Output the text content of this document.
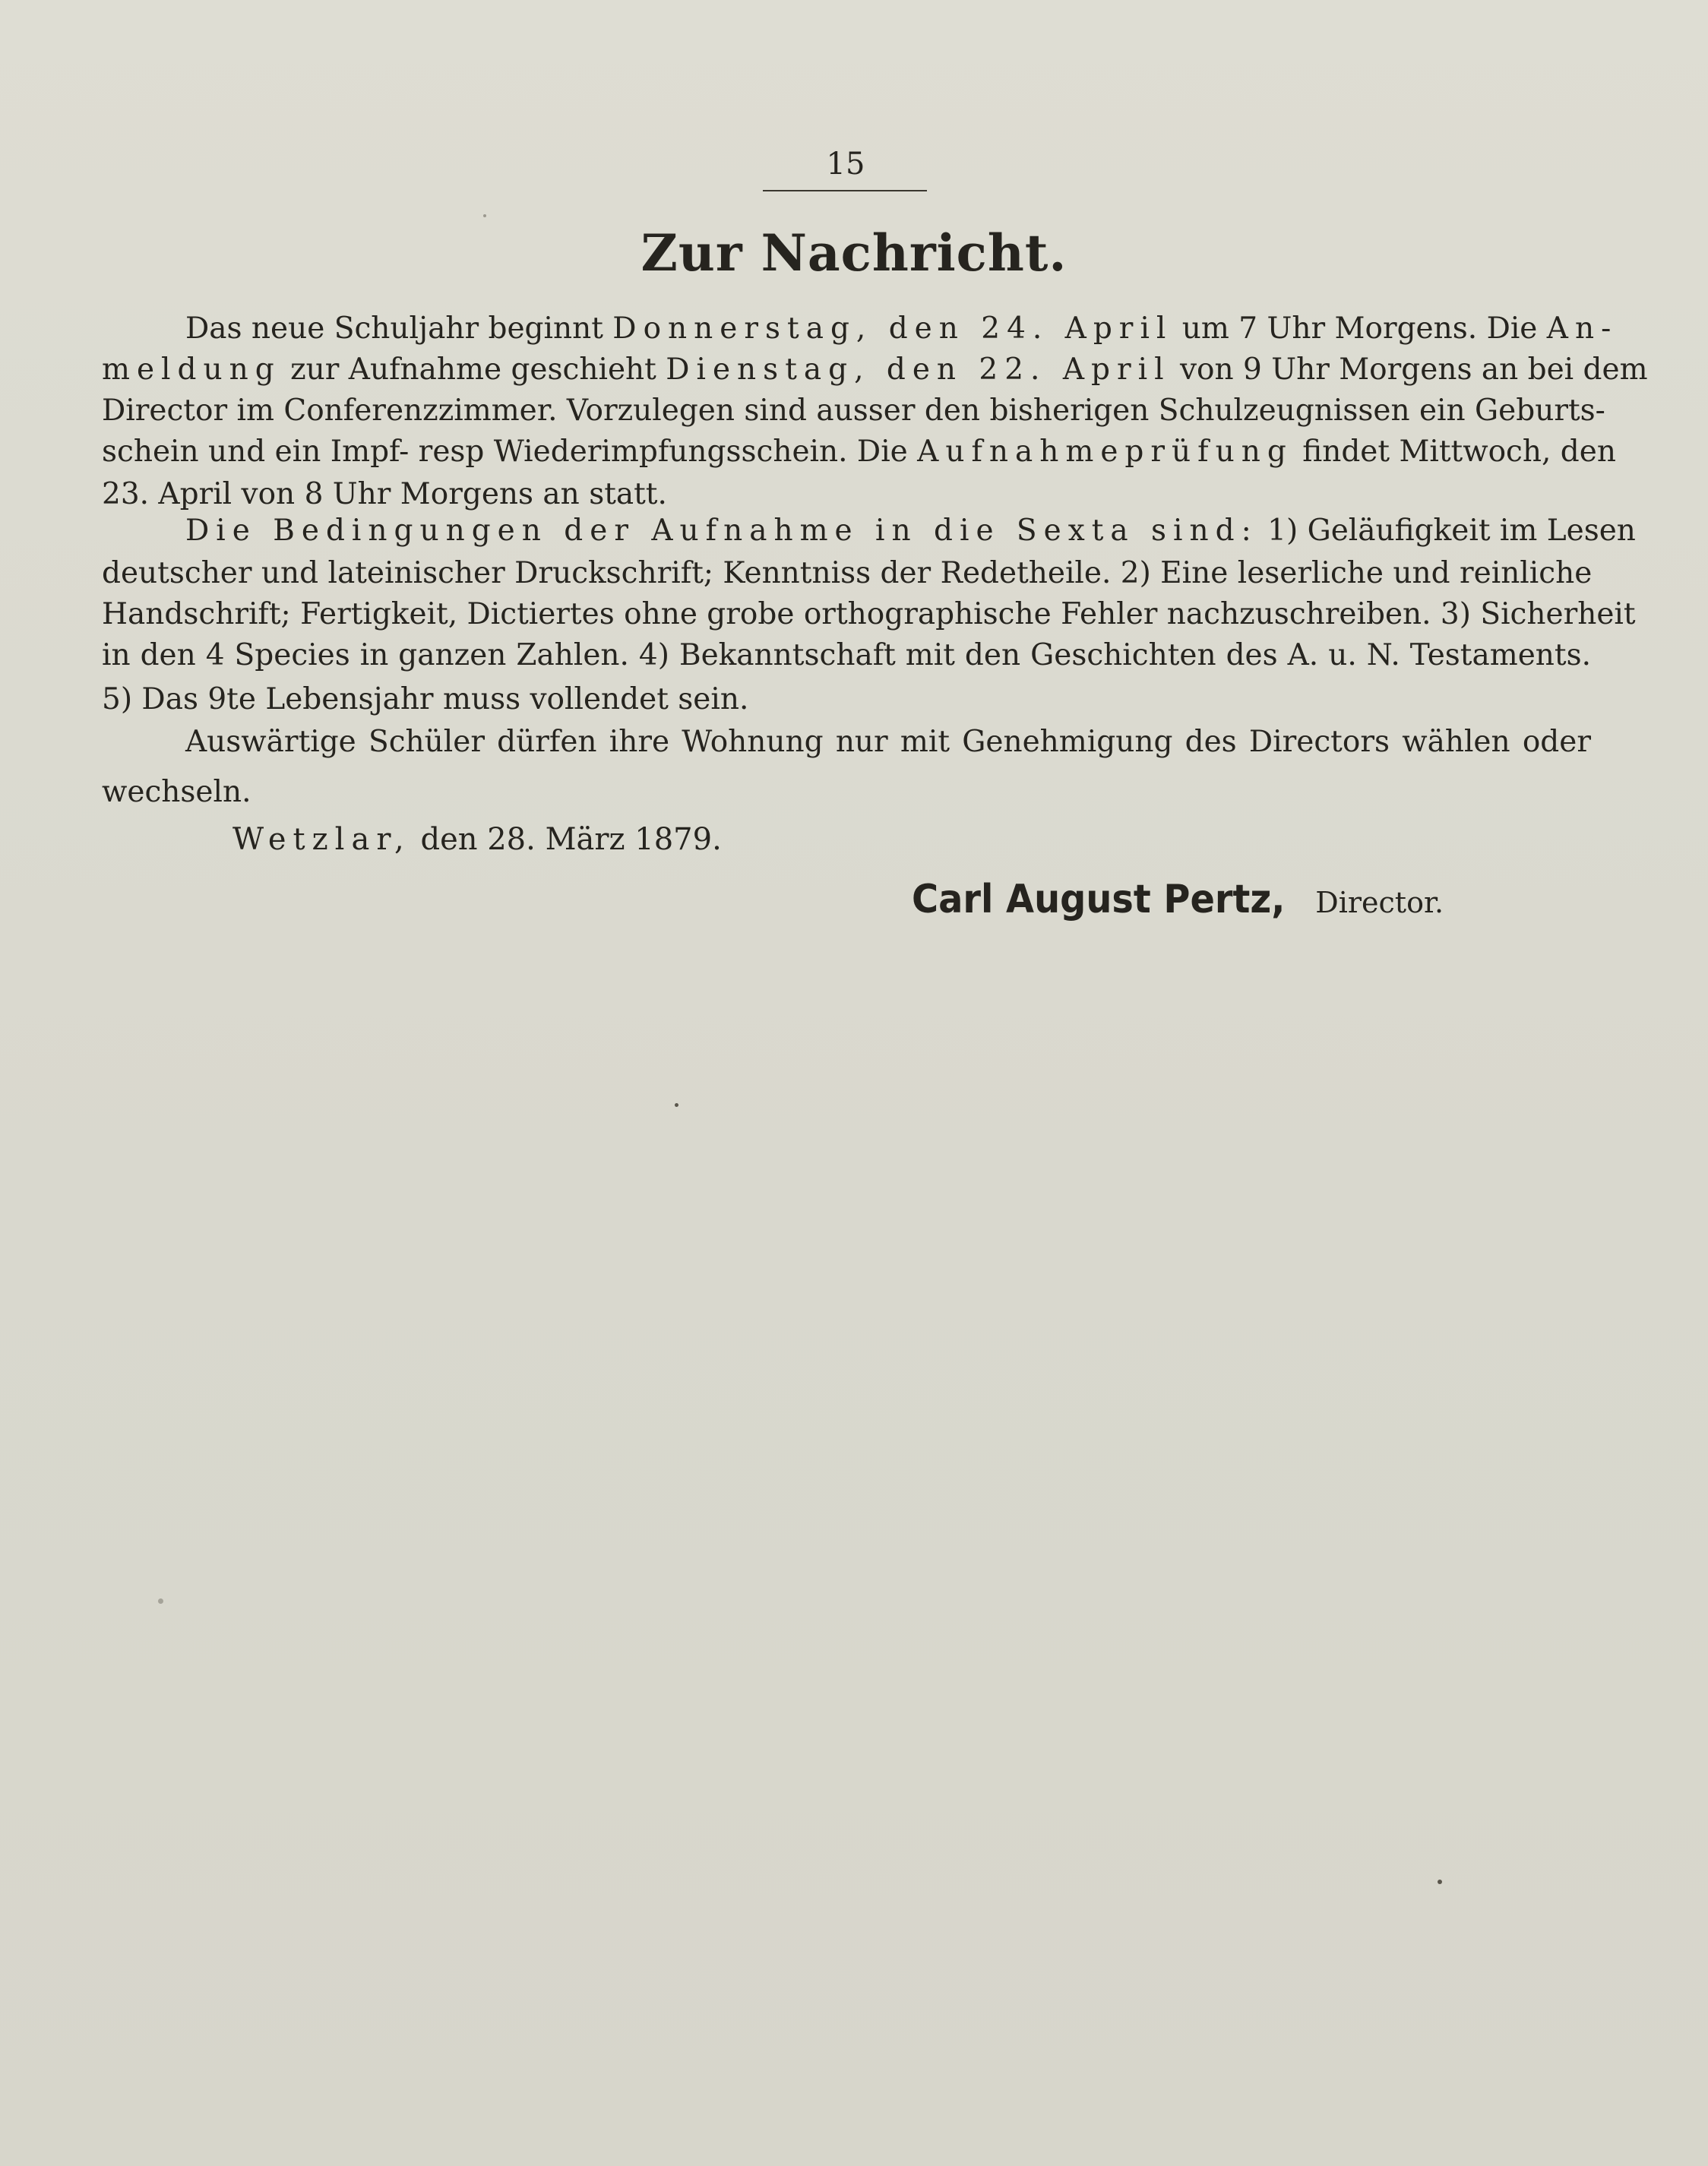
15
Zur Nachricht.
Das neue Schuljahr beginnt Donnerstag, den 24. April um 7 Uhr Morgens. Die An-
meldung zur Aufnahme geschieht Dienstag, den 22. April von 9 Uhr Morgens an bei dem
Director im Conferenzzimmer. Vorzulegen sind ausser den bisherigen Schulzeugnissen ein Geburts-
schein und ein Impf- resp Wiederimpfungsschein. Die Aufnahmeprüfung findet Mittwoch, den
23. April von 8 Uhr Morgens an statt.
Die Bedingungen der Aufnahme in die Sexta sind: 1) Geläufigkeit im Lesen
deutscher und lateinischer Druckschrift; Kenntniss der Redetheile. 2) Eine leserliche und reinliche
Handschrift; Fertigkeit, Dictiertes ohne grobe orthographische Fehler nachzuschreiben. 3) Sicherheit
in den 4 Species in ganzen Zahlen. 4) Bekanntschaft mit den Geschichten des A. u. N. Testaments.
5) Das 9te Lebensjahr muss vollendet sein.
Auswärtige Schüler dürfen ihre Wohnung nur mit Genehmigung des Directors wählen oder
wechseln.
Wetzlar, den 28. März 1879.
Carl August Pertz, Director.
